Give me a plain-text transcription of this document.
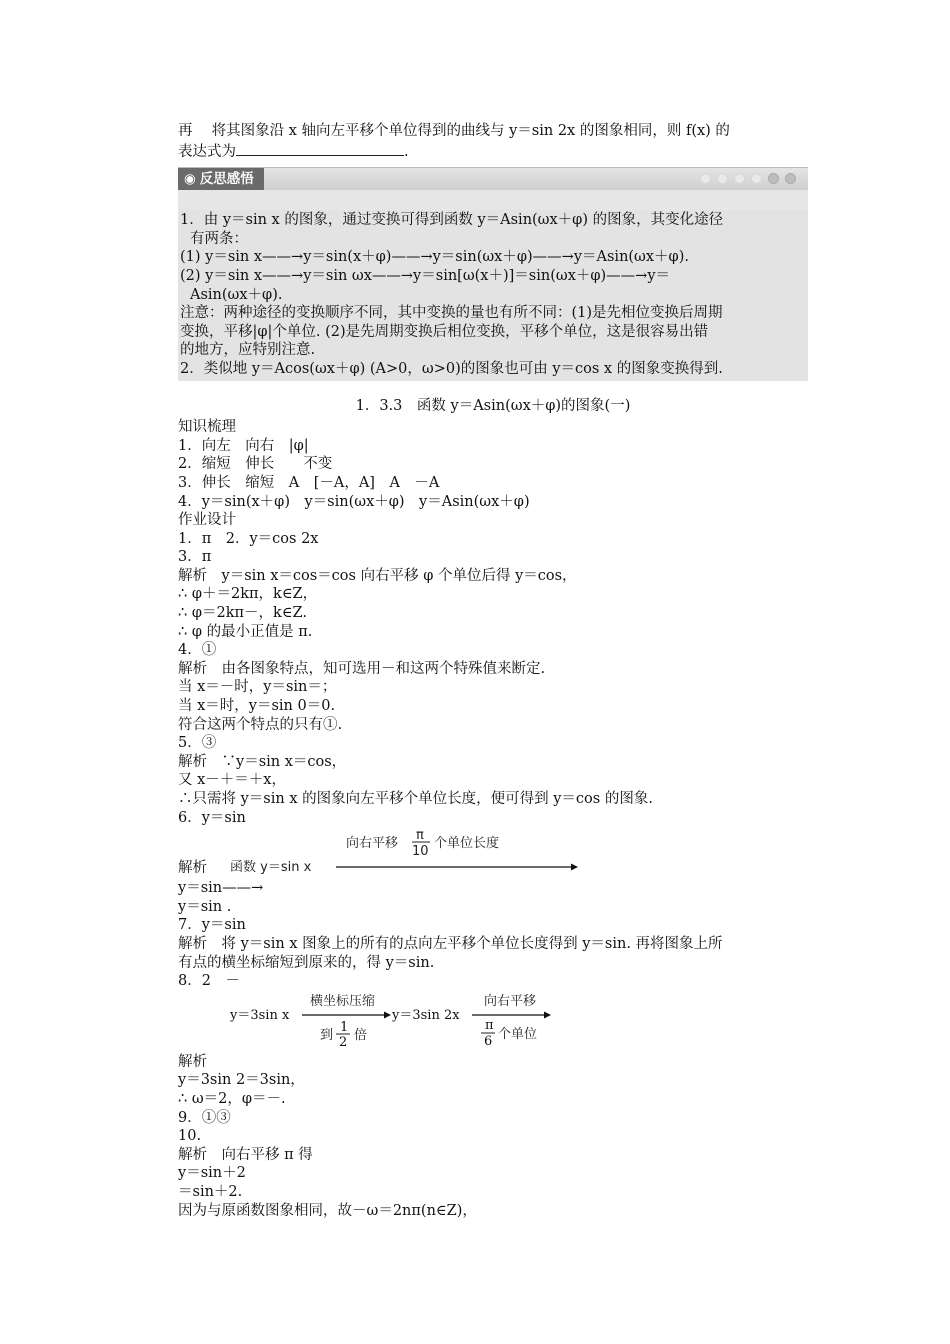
再　 将其图象沿 x 轴向左平移个单位得到的曲线与 y＝sin 2x 的图象相同，则 f(x) 的
表达式为	.
◉ 反思感悟
1．由 y＝sin x 的图象，通过变换可得到函数 y＝Asin(ωx＋φ) 的图象，其变化途径
有两条：
(1) y＝sin x——→y＝sin(x＋φ)——→y＝sin(ωx＋φ)——→y＝Asin(ωx＋φ).
(2) y＝sin x——→y＝sin ωx——→y＝sin[ω(x＋)]＝sin(ωx＋φ)——→y＝
Asin(ωx＋φ).
注意：两种途径的变换顺序不同，其中变换的量也有所不同：(1)是先相位变换后周期
变换，平移|φ|个单位. (2)是先周期变换后相位变换，平移个单位，这是很容易出错
的地方，应特别注意.
2．类似地 y＝Acos(ωx＋φ) (A>0，ω>0)的图象也可由 y＝cos x 的图象变换得到.
1．3.3　函数 y＝Asin(ωx＋φ)的图象(一)
知识梳理
1．向左　向右　|φ|
2．缩短　伸长　　不变
3．伸长　缩短　A　[－A，A]　A　－A
4．y＝sin(x＋φ)　y＝sin(ωx＋φ)　y＝Asin(ωx＋φ)
作业设计
1．π　2．y＝cos 2x
3．π
解析　y＝sin x＝cos＝cos 向右平移 φ 个单位后得 y＝cos，
∴ φ＋＝2kπ，k∈Z，
∴ φ＝2kπ－，k∈Z.
∴ φ 的最小正值是 π.
4．①
解析　由各图象特点，知可选用－和这两个特殊值来断定.
当 x＝－时，y＝sin＝；
当 x＝时，y＝sin 0＝0.
符合这两个特点的只有①.
5．③
解析　∵y＝sin x＝cos，
又 x－＋＝＋x，
∴只需将 y＝sin x 的图象向左平移个单位长度，便可得到 y＝cos 的图象.
6．y＝sin
解析 函数 y＝sin x
向右平移
π
10
个单位长度
y＝sin——→
y＝sin .
7．y＝sin
解析　将 y＝sin x 图象上的所有的点向左平移个单位长度得到 y＝sin. 再将图象上所
有点的横坐标缩短到原来的，得 y＝sin.
8．2　－
y＝3sin x
横坐标压缩
到
1
2 倍
y＝3sin 2x
向右平移
π
6 个单位
解析
y＝3sin 2＝3sin，
∴ ω＝2，φ＝－.
9．①③
10.
解析　向右平移 π 得
y＝sin＋2
＝sin＋2.
因为与原函数图象相同，故－ω＝2nπ(n∈Z)，
